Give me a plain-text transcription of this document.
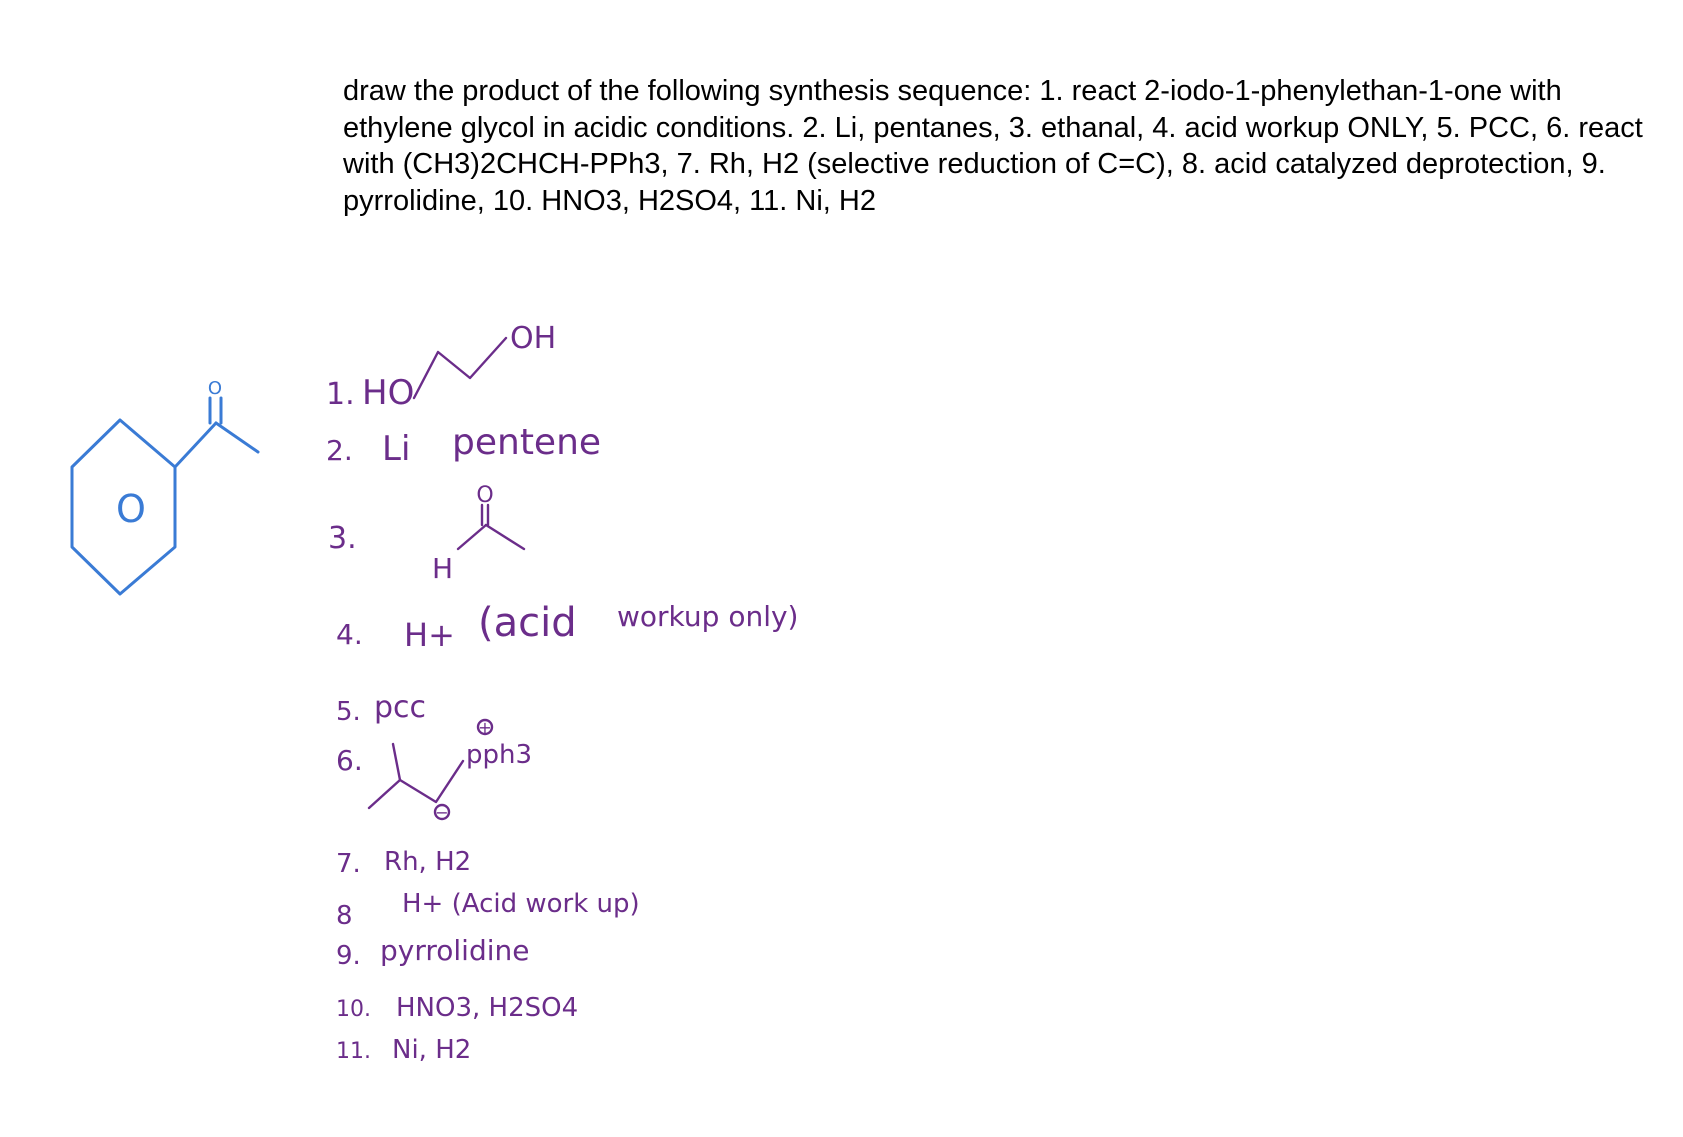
draw the product of the following synthesis sequence: 1. react 2-iodo-1-phenylethan-1-one with ethylene glycol in acidic conditions. 2. Li, pentanes, 3. ethanal, 4. acid workup ONLY, 5. PCC, 6. react with (CH3)2CHCH-PPh3, 7. Rh, H2 (selective reduction of C=C), 8. acid catalyzed deprotection, 9. pyrrolidine, 10. HNO3, H2SO4, 11. Ni, H2

O
O	1. HO
OH
2. Li pentene
3.
O
H
4. H+ (acid workup only)
5. pcc
6.
+
pph3
−
7. Rh, H2
8 H+ (Acid work up)
9. pyrrolidine
10. HNO3, H2SO4
11. Ni, H2
